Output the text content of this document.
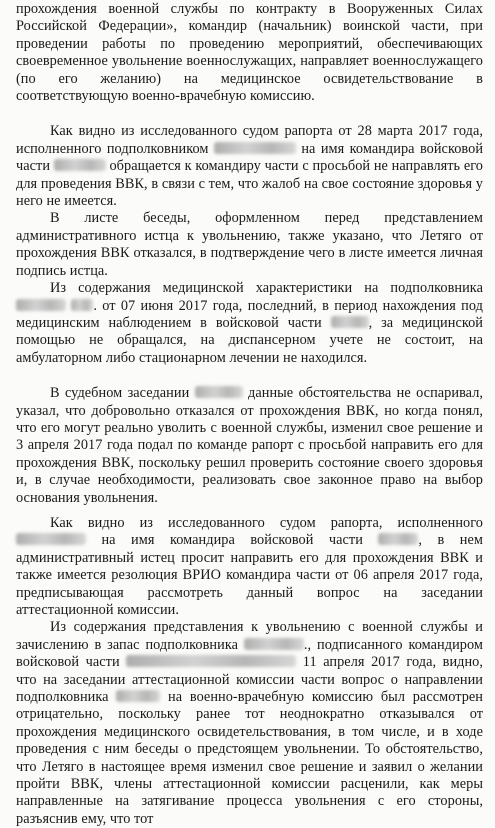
прохождения военной службы по контракту в Вооруженных Силах Российской Федерации», командир (начальник) воинской части, при проведении работы по проведению мероприятий, обеспечивающих своевременное увольнение военнослужащих, направляет военнослужащего (по его желанию) на медицинское освидетельствование в соответствующую военно-врачебную комиссию.

Как видно из исследованного судом рапорта от 28 марта 2017 года, исполненного подполковником	на имя командира войсковой части	обращается к командиру части с просьбой не направлять его для проведения ВВК, в связи с тем, что жалоб на свое состояние здоровья у него не имеется.

В листе беседы, оформленном перед представлением административного истца к увольнению, также указано, что Летяго от прохождения ВВК отказался, в подтверждение чего в листе имеется личная подпись истца.

Из содержания медицинской характеристики на подполковника  . от 07 июня 2017 года, последний, в период нахождения под медицинским наблюдением в войсковой части	, за медицинской помощью не обращался, на диспансерном учете не состоит, на амбулаторном либо стационарном лечении не находился.

В судебном заседании	данные обстоятельства не оспаривал, указал, что добровольно отказался от прохождения ВВК, но когда понял, что его могут реально уволить с военной службы, изменил свое решение и 3 апреля 2017 года подал по команде рапорт с просьбой направить его для прохождения ВВК, поскольку решил проверить состояние своего здоровья и, в случае необходимости, реализовать свое законное право на выбор основания увольнения.

Как видно из исследованного судом рапорта, исполненного  на имя командира войсковой части	, в нем административный истец просит направить его для прохождения ВВК и также имеется резолюция ВРИО командира части от 06 апреля 2017 года, предписывающая рассмотреть данный вопрос на заседании аттестационной комиссии.

Из содержания представления к увольнению с военной службы и зачислению в запас подполковника	., подписанного командиром войсковой части	11 апреля 2017 года, видно, что на заседании аттестационной комиссии части вопрос о направлении подполковника	на военно-врачебную комиссию был рассмотрен отрицательно, поскольку ранее тот неоднократно отказывался от прохождения медицинского освидетельствования, в том числе, и в ходе проведения с ним беседы о предстоящем увольнении. То обстоятельство, что Летяго в настоящее время изменил свое решение и заявил о желании пройти ВВК, члены аттестационной комиссии расценили, как меры направленные на затягивание процесса увольнения с его стороны, разъяснив ему, что тот
